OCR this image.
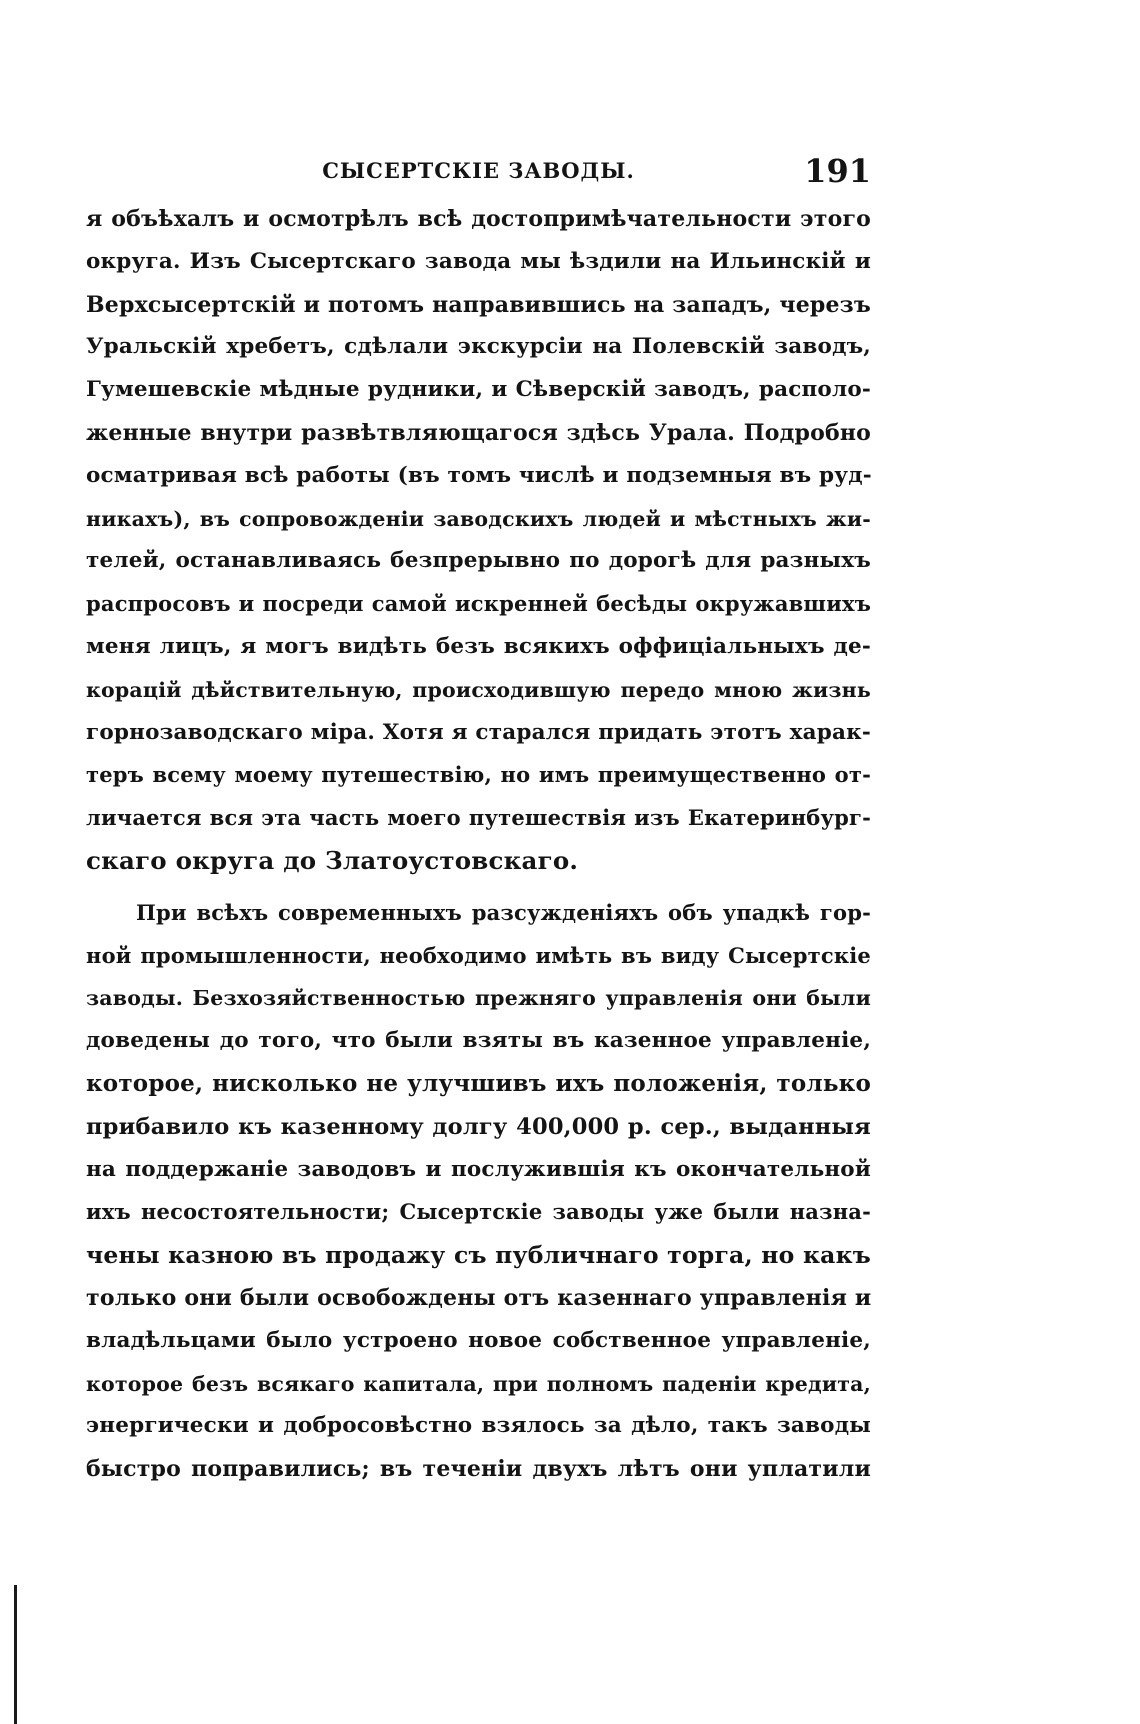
СЫСЕРТСКІЕ ЗАВОДЫ.	191
я объѣхалъ и осмотрѣлъ всѣ достопримѣчательности этого
округа. Изъ Сысертскаго завода мы ѣздили на Ильинскій и
Верхсысертскій и потомъ направившись на западъ, черезъ
Уральскій хребетъ, сдѣлали экскурсіи на Полевскій заводъ,
Гумешевскіе мѣдные рудники, и Сѣверскій заводъ, располо-
женные внутри развѣтвляющагося здѣсь Урала. Подробно
осматривая всѣ работы (въ томъ числѣ и подземныя въ руд-
никахъ), въ сопровожденіи заводскихъ людей и мѣстныхъ жи-
телей, останавливаясь безпрерывно по дорогѣ для разныхъ
распросовъ и посреди самой искренней бесѣды окружавшихъ
меня лицъ, я могъ видѣть безъ всякихъ оффиціальныхъ де-
корацій дѣйствительную, происходившую передо мною жизнь
горнозаводскаго міра. Хотя я старался придать этотъ харак-
теръ всему моему путешествію, но имъ преимущественно от-
личается вся эта часть моего путешествія изъ Екатеринбург-
скаго округа до Златоустовскаго.
При всѣхъ современныхъ разсужденіяхъ объ упадкѣ гор-
ной промышленности, необходимо имѣть въ виду Сысертскіе
заводы. Безхозяйственностью прежняго управленія они были
доведены до того, что были взяты въ казенное управленіе,
которое, нисколько не улучшивъ ихъ положенія, только
прибавило къ казенному долгу 400,000 р. сер., выданныя
на поддержаніе заводовъ и послужившія къ окончательной
ихъ несостоятельности; Сысертскіе заводы уже были назна-
чены казною въ продажу съ публичнаго торга, но какъ
только они были освобождены отъ казеннаго управленія и
владѣльцами было устроено новое собственное управленіе,
которое безъ всякаго капитала, при полномъ паденіи кредита,
энергически и добросовѣстно взялось за дѣло, такъ заводы
быстро поправились; въ теченіи двухъ лѣтъ они уплатили
